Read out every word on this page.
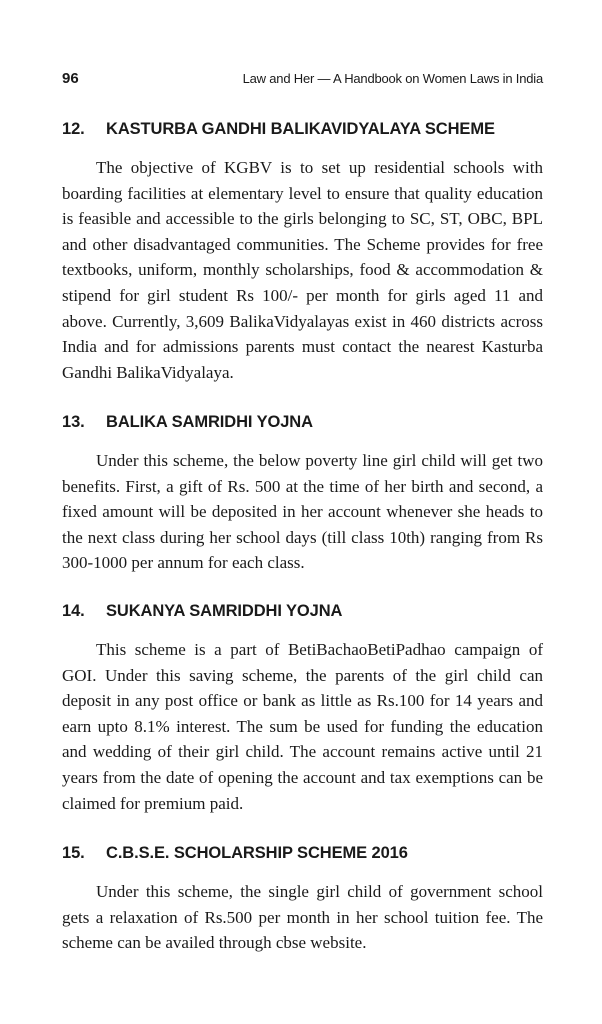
96	Law and Her — A Handbook on Women Laws in India
12. KASTURBA GANDHI BALIKAVIDYALAYA SCHEME

The objective of KGBV is to set up residential schools with boarding facilities at elementary level to ensure that quality education is feasible and accessible to the girls belonging to SC, ST, OBC, BPL and other disadvantaged communities. The Scheme provides for free textbooks, uniform, monthly scholarships, food & accommodation & stipend for girl student Rs 100/- per month for girls aged 11 and above. Currently, 3,609 BalikaVidyalayas exist in 460 districts across India and for admissions parents must contact the nearest Kasturba Gandhi BalikaVidyalaya.

13. BALIKA SAMRIDHI YOJNA

Under this scheme, the below poverty line girl child will get two benefits. First, a gift of Rs. 500 at the time of her birth and second, a fixed amount will be deposited in her account whenever she heads to the next class during her school days (till class 10th) ranging from Rs 300-1000 per annum for each class.

14. SUKANYA SAMRIDDHI YOJNA

This scheme is a part of BetiBachaoBetiPadhao campaign of GOI. Under this saving scheme, the parents of the girl child can deposit in any post office or bank as little as Rs.100 for 14 years and earn upto 8.1% interest. The sum be used for funding the education and wedding of their girl child. The account remains active until 21 years from the date of opening the account and tax exemptions can be claimed for premium paid.

15. C.B.S.E. SCHOLARSHIP SCHEME 2016

Under this scheme, the single girl child of government school gets a relaxation of Rs.500 per month in her school tuition fee. The scheme can be availed through cbse website.
